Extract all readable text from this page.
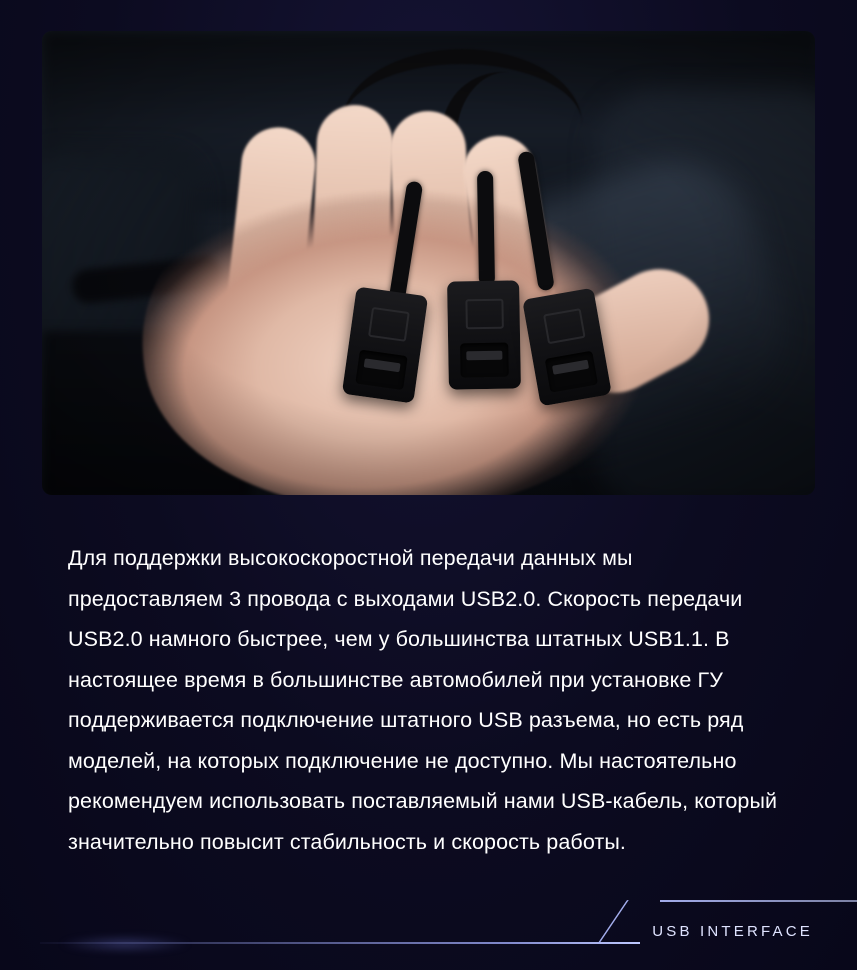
Для поддержки высокоскоростной передачи данных мы предоставляем 3 провода с выходами USB2.0. Скорость передачи USB2.0 намного быстрее, чем у большинства штатных USB1.1. В настоящее время в большинстве автомобилей при установке ГУ поддерживается подключение штатного USB разъема, но есть ряд моделей, на которых подключение не доступно. Мы настоятельно рекомендуем использовать поставляемый нами USB-кабель, который значительно повысит стабильность и скорость работы.
USB INTERFACE
